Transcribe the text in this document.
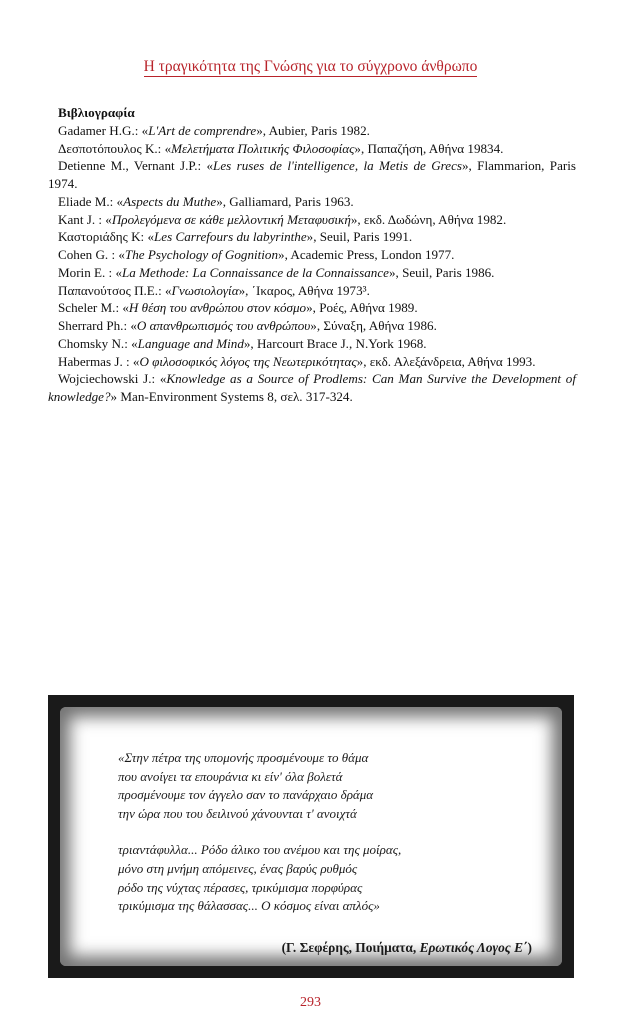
Η τραγικότητα της Γνώσης για το σύγχρονο άνθρωπο
Βιβλιογραφία
Gadamer H.G.: «L'Art de comprendre», Aubier, Paris 1982.
Δεσποτόπουλος Κ.: «Μελετήματα Πολιτικής Φιλοσοφίας», Παπαζήση, Αθήνα 19834.
Detienne M., Vernant J.P.: «Les ruses de l'intelligence, la Metis de Grecs», Flammarion, Paris 1974.
Eliade M.: «Aspects du Muthe», Galliamard, Paris 1963.
Kant J. : «Προλεγόμενα σε κάθε μελλοντική Μεταφυσική», εκδ. Δωδώνη, Αθήνα 1982.
Καστοριάδης Κ: «Les Carrefours du labyrinthe», Seuil, Paris 1991.
Cohen G. : «The Psychology of Gognition», Academic Press, London 1977.
Morin E. : «La Methode: La Connaissance de la Connaissance», Seuil, Paris 1986.
Παπανούτσος Π.Ε.: «Γνωσιολογία», ΄Ικαρος, Αθήνα 1973³.
Scheler M.: «Η θέση του ανθρώπου στον κόσμο», Ροές, Αθήνα 1989.
Sherrard Ph.: «Ο απανθρωπισμός του ανθρώπου», Σύναξη, Αθήνα 1986.
Chomsky N.: «Language and Mind», Harcourt Brace J., N.York 1968.
Habermas J. : «Ο φιλοσοφικός λόγος της Νεωτερικότητας», εκδ. Αλεξάνδρεια, Αθήνα 1993.
Wojciechowski J.: «Knowledge as a Source of Prodlems: Can Man Survive the Development of knowledge?» Man-Environment Systems 8, σελ. 317-324.
«Στην πέτρα της υπομονής προσμένουμε το θάμα
που ανοίγει τα επουράνια κι είν' όλα βολετά
προσμένουμε τον άγγελο σαν το πανάρχαιο δράμα
την ώρα που του δειλινού χάνουνται τ' ανοιχτά
τριαντάφυλλα... Ρόδο άλικο του ανέμου και της μοίρας,
μόνο στη μνήμη απόμεινες, ένας βαρύς ρυθμός
ρόδο της νύχτας πέρασες, τρικύμισμα πορφύρας
τρικύμισμα της θάλασσας... Ο κόσμος είναι απλός»
(Γ. Σεφέρης, Ποιήματα, Ερωτικός Λογος Ε΄)
293
